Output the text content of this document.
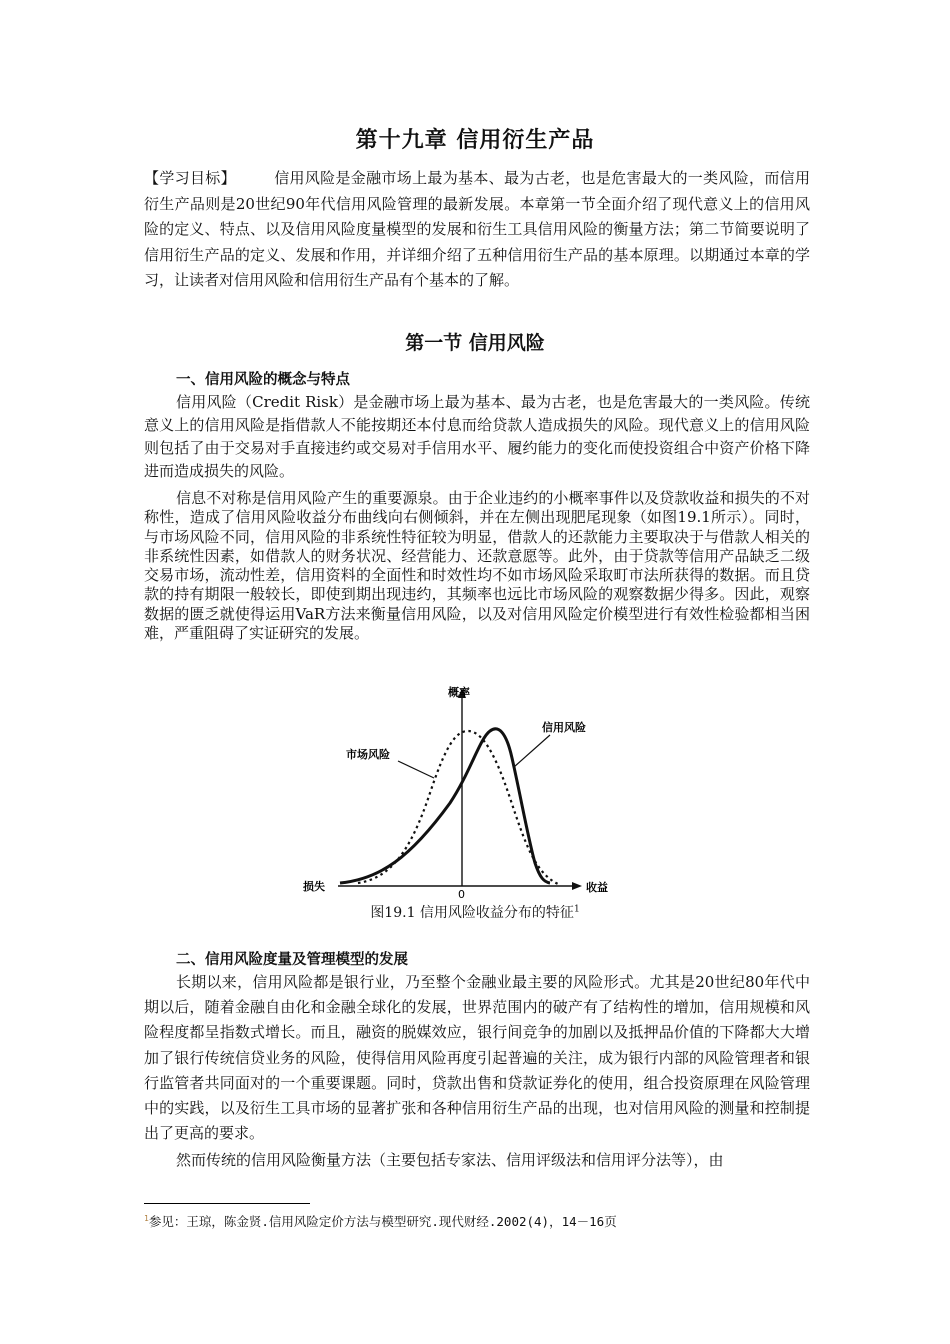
第十九章 信用衍生产品

【学习目标】	信用风险是金融市场上最为基本、最为古老，也是危害最大的一类风险，而信用衍生产品则是20世纪90年代信用风险管理的最新发展。本章第一节全面介绍了现代意义上的信用风险的定义、特点、以及信用风险度量模型的发展和衍生工具信用风险的衡量方法；第二节简要说明了信用衍生产品的定义、发展和作用，并详细介绍了五种信用衍生产品的基本原理。以期通过本章的学习，让读者对信用风险和信用衍生产品有个基本的了解。

第一节 信用风险
一、信用风险的概念与特点

信用风险（Credit Risk）是金融市场上最为基本、最为古老，也是危害最大的一类风险。传统意义上的信用风险是指借款人不能按期还本付息而给贷款人造成损失的风险。现代意义上的信用风险则包括了由于交易对手直接违约或交易对手信用水平、履约能力的变化而使投资组合中资产价格下降进而造成损失的风险。

信息不对称是信用风险产生的重要源泉。由于企业违约的小概率事件以及贷款收益和损失的不对称性，造成了信用风险收益分布曲线向右侧倾斜，并在左侧出现肥尾现象（如图19.1所示）。同时，与市场风险不同，信用风险的非系统性特征较为明显，借款人的还款能力主要取决于与借款人相关的非系统性因素，如借款人的财务状况、经营能力、还款意愿等。此外，由于贷款等信用产品缺乏二级交易市场，流动性差，信用资料的全面性和时效性均不如市场风险采取町市法所获得的数据。而且贷款的持有期限一般较长，即使到期出现违约，其频率也远比市场风险的观察数据少得多。因此，观察数据的匮乏就使得运用VaR方法来衡量信用风险，以及对信用风险定价模型进行有效性检验都相当困难，严重阻碍了实证研究的发展。

概率
损失	收益
0
市场风险
信用风险
图19.1 信用风险收益分布的特征$^1$
二、信用风险度量及管理模型的发展

长期以来，信用风险都是银行业，乃至整个金融业最主要的风险形式。尤其是20世纪80年代中期以后，随着金融自由化和金融全球化的发展，世界范围内的破产有了结构性的增加，信用规模和风险程度都呈指数式增长。而且，融资的脱媒效应，银行间竞争的加剧以及抵押品价值的下降都大大增加了银行传统信贷业务的风险，使得信用风险再度引起普遍的关注，成为银行内部的风险管理者和银行监管者共同面对的一个重要课题。同时，贷款出售和贷款证券化的使用，组合投资原理在风险管理中的实践，以及衍生工具市场的显著扩张和各种信用衍生产品的出现，也对信用风险的测量和控制提出了更高的要求。

然而传统的信用风险衡量方法（主要包括专家法、信用评级法和信用评分法等），由

$^1$参见：王琼，陈金贤.信用风险定价方法与模型研究.现代财经.2002(4)，14－16页
